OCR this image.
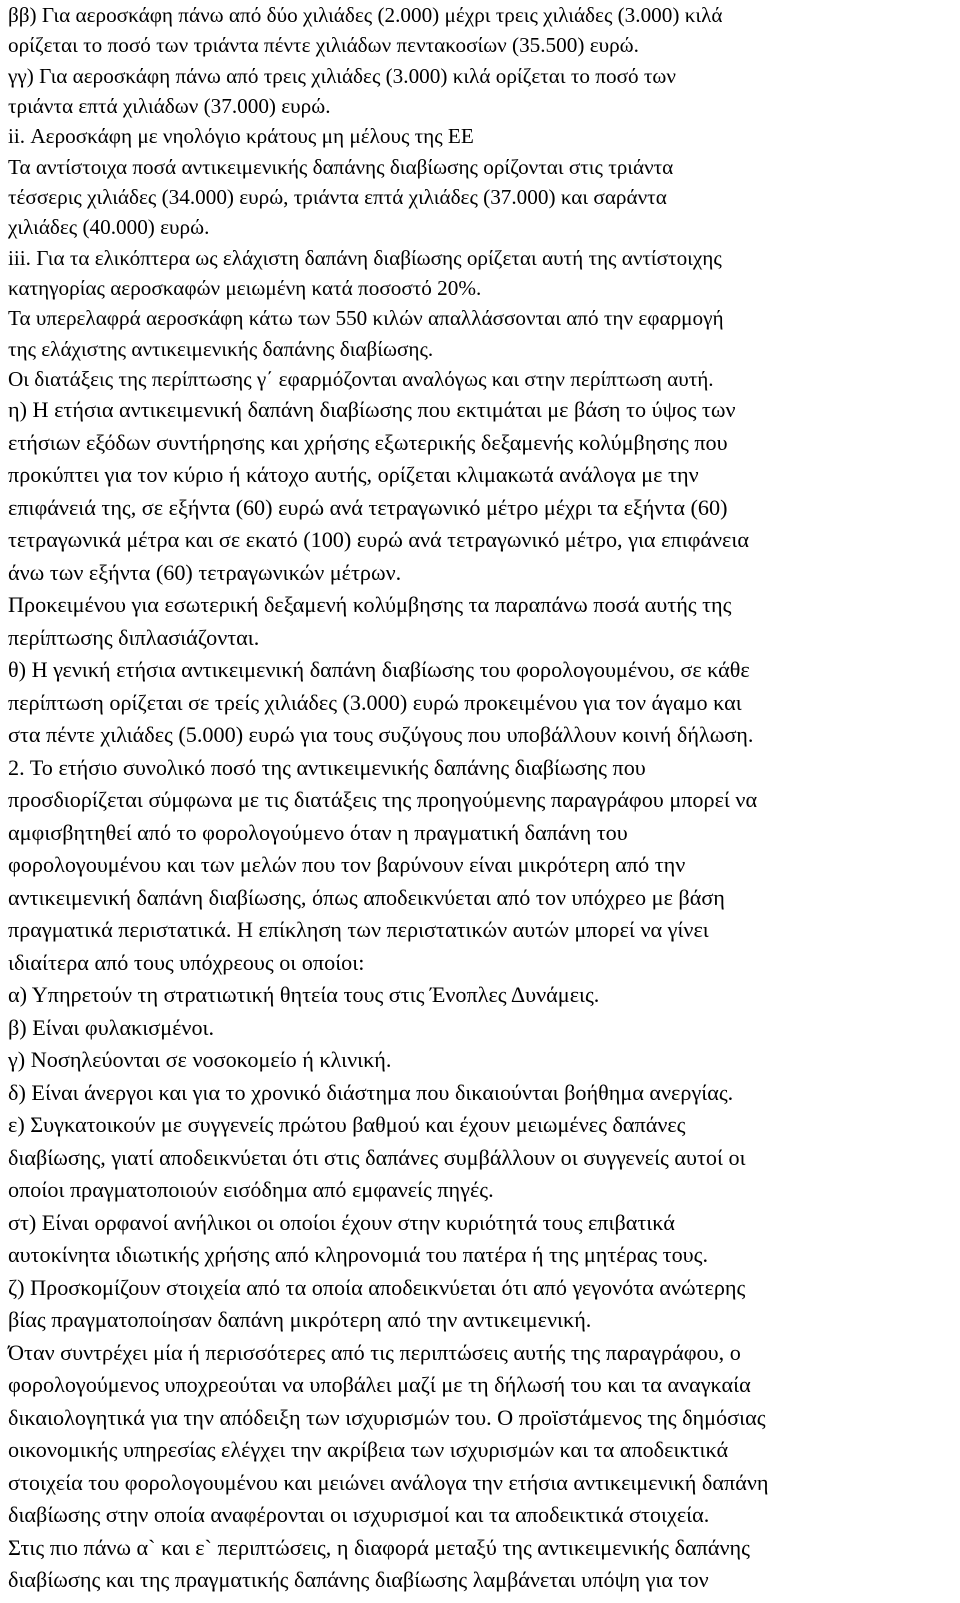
ββ) Για αεροσκάφη πάνω από δύο χιλιάδες (2.000) μέχρι τρεις χιλιάδες (3.000) κιλά
ορίζεται το ποσό των τριάντα πέντε χιλιάδων πεντακοσίων (35.500) ευρώ.
γγ) Για αεροσκάφη πάνω από τρεις χιλιάδες (3.000) κιλά ορίζεται το ποσό των
τριάντα επτά χιλιάδων (37.000) ευρώ.
ii. Αεροσκάφη με νηολόγιο κράτους μη μέλους της ΕΕ
Τα αντίστοιχα ποσά αντικειμενικής δαπάνης διαβίωσης ορίζονται στις τριάντα
τέσσερις χιλιάδες (34.000) ευρώ, τριάντα επτά χιλιάδες (37.000) και σαράντα
χιλιάδες (40.000) ευρώ.
iii. Για τα ελικόπτερα ως ελάχιστη δαπάνη διαβίωσης ορίζεται αυτή της αντίστοιχης
κατηγορίας αεροσκαφών μειωμένη κατά ποσοστό 20%.
Τα υπερελαφρά αεροσκάφη κάτω των 550 κιλών απαλλάσσονται από την εφαρμογή
της ελάχιστης αντικειμενικής δαπάνης διαβίωσης.
Οι διατάξεις της περίπτωσης γ΄ εφαρμόζονται αναλόγως και στην περίπτωση αυτή.
η) Η ετήσια αντικειμενική δαπάνη διαβίωσης που εκτιμάται με βάση το ύψος των
ετήσιων εξόδων συντήρησης και χρήσης εξωτερικής δεξαμενής κολύμβησης που
προκύπτει για τον κύριο ή κάτοχο αυτής, ορίζεται κλιμακωτά ανάλογα με την
επιφάνειά της, σε εξήντα (60) ευρώ ανά τετραγωνικό μέτρο μέχρι τα εξήντα (60)
τετραγωνικά μέτρα και σε εκατό (100) ευρώ ανά τετραγωνικό μέτρο, για επιφάνεια
άνω των εξήντα (60) τετραγωνικών μέτρων.
Προκειμένου για εσωτερική δεξαμενή κολύμβησης τα παραπάνω ποσά αυτής της
περίπτωσης διπλασιάζονται.
θ) Η γενική ετήσια αντικειμενική δαπάνη διαβίωσης του φορολογουμένου, σε κάθε
περίπτωση ορίζεται σε τρείς χιλιάδες (3.000) ευρώ προκειμένου για τον άγαμο και
στα πέντε χιλιάδες (5.000) ευρώ για τους συζύγους που υποβάλλουν κοινή δήλωση.
2. Το ετήσιο συνολικό ποσό της αντικειμενικής δαπάνης διαβίωσης που
προσδιορίζεται σύμφωνα με τις διατάξεις της προηγούμενης παραγράφου μπορεί να
αμφισβητηθεί από το φορολογούμενο όταν η πραγματική δαπάνη του
φορολογουμένου και των μελών που τον βαρύνουν είναι μικρότερη από την
αντικειμενική δαπάνη διαβίωσης, όπως αποδεικνύεται από τον υπόχρεο με βάση
πραγματικά περιστατικά. Η επίκληση των περιστατικών αυτών μπορεί να γίνει
ιδιαίτερα από τους υπόχρεους οι οποίοι:
α) Υπηρετούν τη στρατιωτική θητεία τους στις Ένοπλες Δυνάμεις.
β) Είναι φυλακισμένοι.
γ) Νοσηλεύονται σε νοσοκομείο ή κλινική.
δ) Είναι άνεργοι και για το χρονικό διάστημα που δικαιούνται βοήθημα ανεργίας.
ε) Συγκατοικούν με συγγενείς πρώτου βαθμού και έχουν μειωμένες δαπάνες
διαβίωσης, γιατί αποδεικνύεται ότι στις δαπάνες συμβάλλουν οι συγγενείς αυτοί οι
οποίοι πραγματοποιούν εισόδημα από εμφανείς πηγές.
στ) Είναι ορφανοί ανήλικοι οι οποίοι έχουν στην κυριότητά τους επιβατικά
αυτοκίνητα ιδιωτικής χρήσης από κληρονομιά του πατέρα ή της μητέρας τους.
ζ) Προσκομίζουν στοιχεία από τα οποία αποδεικνύεται ότι από γεγονότα ανώτερης
βίας πραγματοποίησαν δαπάνη μικρότερη από την αντικειμενική.
Όταν συντρέχει μία ή περισσότερες από τις περιπτώσεις αυτής της παραγράφου, ο
φορολογούμενος υποχρεούται να υποβάλει μαζί με τη δήλωσή του και τα αναγκαία
δικαιολογητικά για την απόδειξη των ισχυρισμών του. Ο προϊστάμενος της δημόσιας
οικονομικής υπηρεσίας ελέγχει την ακρίβεια των ισχυρισμών και τα αποδεικτικά
στοιχεία του φορολογουμένου και μειώνει ανάλογα την ετήσια αντικειμενική δαπάνη
διαβίωσης στην οποία αναφέρονται οι ισχυρισμοί και τα αποδεικτικά στοιχεία.
Στις πιο πάνω α` και ε` περιπτώσεις, η διαφορά μεταξύ της αντικειμενικής δαπάνης
διαβίωσης και της πραγματικής δαπάνης διαβίωσης λαμβάνεται υπόψη για τον
